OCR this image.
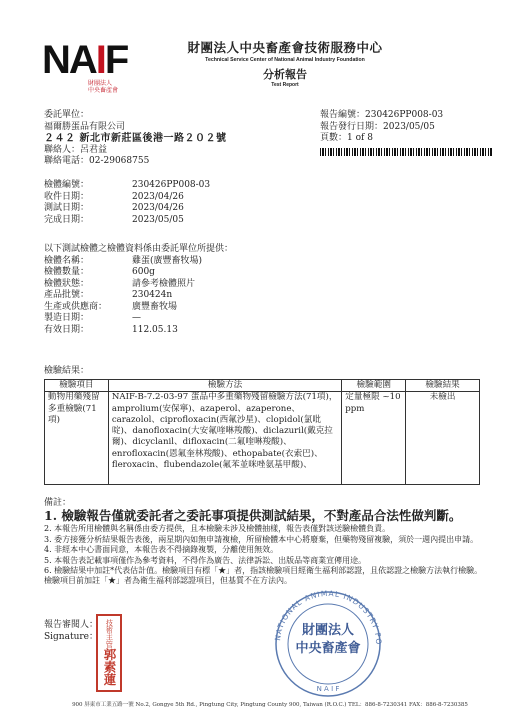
NAIF
財團法人
中央畜產會
財團法人中央畜產會技術服務中心
Technical Service Center of National Animal Industry Foundation
分析報告
Test Report
委託單位：
福爾勝蛋品有限公司
２４２ 新北市新莊區後港一路２０２號
聯絡人：呂君益
聯絡電話：02-29068755
報告編號：230426PP008-03
報告發行日期：2023/05/05
頁數：1 of 8
檢體編號：	230426PP008-03
收件日期：	2023/04/26
測試日期：	2023/04/26
完成日期：	2023/05/05
以下測試檢體之檢體資料係由委託單位所提供：
檢體名稱：	雞蛋(廣豐畜牧場)
檢體數量：	600g
檢體狀態：	請參考檢體照片
產品批號：	230424n
生產或供應商：	廣豐畜牧場
製造日期：	—
有效日期：	112.05.13
檢驗結果：
檢驗項目	檢驗方法	檢驗範圍	檢驗結果
動物用藥殘留多重檢驗(71 項)	NAIF-B-7.2-03-97 蛋品中多重藥物殘留檢驗方法(71項)，amprolium(安保寧)、azaperol、azaperone、carazolol、ciprofloxacin(西氟沙星)、clopidol(氯吡啶)、danofloxacin(大安氟喹啉羧酸)、diclazuril(戴克拉爾)、dicyclanil、difloxacin(二氟喹啉羧酸)、enrofloxacin(恩氟奎林羧酸)、ethopabate(衣索巴)、fleroxacin、flubendazole(氟苯並咪唑氨基甲酸)、	定量極限 ~10 ppm	未檢出
備註：
1. 檢驗報告僅就委託者之委託事項提供測試結果，不對產品合法性做判斷。
2. 本報告所用檢體與名稱係由委方提供，且本檢驗未涉及檢體抽樣，報告表僅對該送驗檢體負責。
3. 委方接獲分析結果報告表後，兩星期內如無申請複檢，所留檢體本中心將廢棄，但藥物殘留複驗，須於一週內提出申請。
4. 非經本中心書面同意，本報告表不得摘錄複製，分離使用無效。
5. 本報告表記載事項僅作為參考資料，不得作為廣告、法律訴訟、出版品等商業宣傳用途。
6. 檢驗結果中加註*代表估計值。檢驗項目有標「★」者，指該檢驗項目經衛生福利部認證，且依認證之檢驗方法執行檢驗。檢驗項目前加註「★」者為衛生福利部認證項目，但基質不在方法內。
報告審閱人：
Signature： 技術主管
郭素蓮
NATIONAL ANIMAL INDUSTRY FO
財團法人
中央畜產會
N A I F
900 屏東市工業五路一號 No.2, Gongye 5th Rd., Pingtung City, Pingtung County 900, Taiwan (R.O.C.) TEL：886-8-7230341 FAX：886-8-7230385
